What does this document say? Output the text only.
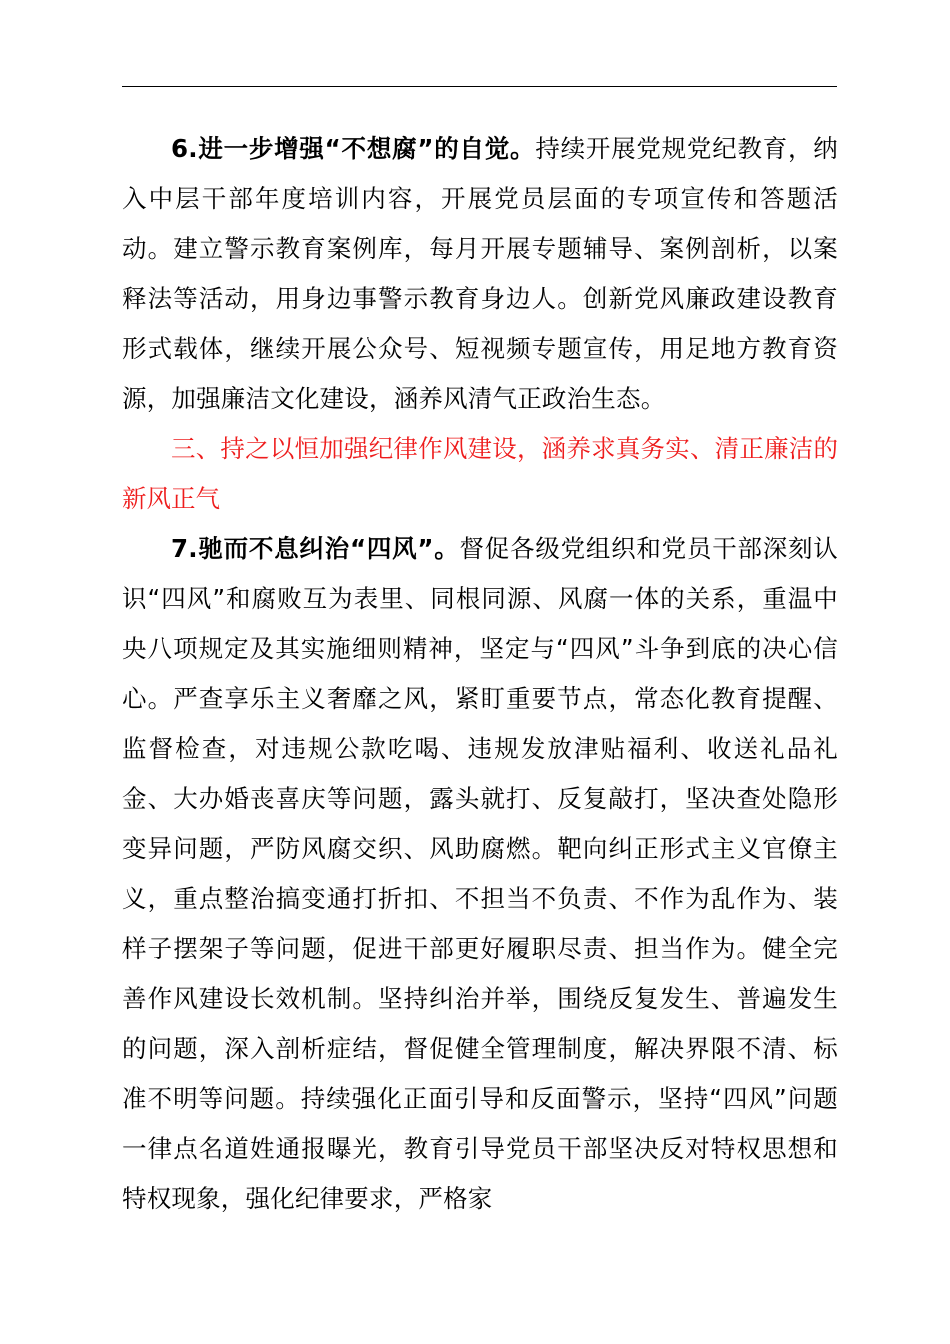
6.进一步增强“不想腐”的自觉。持续开展党规党纪教育，纳入中层干部年度培训内容，开展党员层面的专项宣传和答题活动。建立警示教育案例库，每月开展专题辅导、案例剖析，以案释法等活动，用身边事警示教育身边人。创新党风廉政建设教育形式载体，继续开展公众号、短视频专题宣传，用足地方教育资源，加强廉洁文化建设，涵养风清气正政治生态。

三、持之以恒加强纪律作风建设，涵养求真务实、清正廉洁的新风正气

7.驰而不息纠治“四风”。督促各级党组织和党员干部深刻认识“四风”和腐败互为表里、同根同源、风腐一体的关系，重温中央八项规定及其实施细则精神，坚定与“四风”斗争到底的决心信心。严查享乐主义奢靡之风，紧盯重要节点，常态化教育提醒、监督检查，对违规公款吃喝、违规发放津贴福利、收送礼品礼金、大办婚丧喜庆等问题，露头就打、反复敲打，坚决查处隐形变异问题，严防风腐交织、风助腐燃。靶向纠正形式主义官僚主义，重点整治搞变通打折扣、不担当不负责、不作为乱作为、装样子摆架子等问题，促进干部更好履职尽责、担当作为。健全完善作风建设长效机制。坚持纠治并举，围绕反复发生、普遍发生的问题，深入剖析症结，督促健全管理制度，解决界限不清、标准不明等问题。持续强化正面引导和反面警示，坚持“四风”问题一律点名道姓通报曝光，教育引导党员干部坚决反对特权思想和特权现象，强化纪律要求，严格家
